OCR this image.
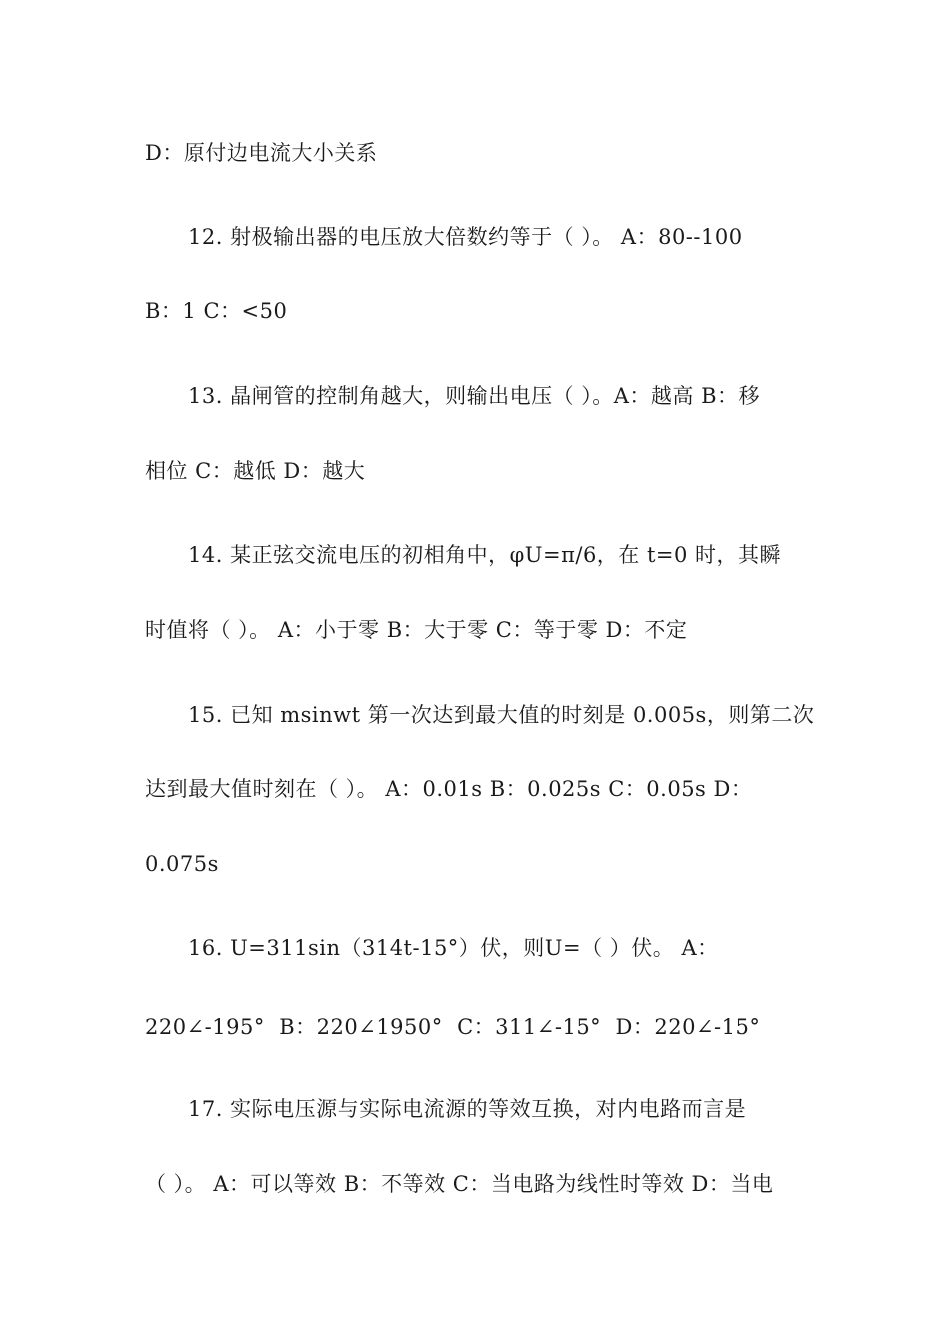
D：原付边电流大小关系
12. 射极输出器的电压放大倍数约等于（ ）。 A：80--100
B：1 C：<50
13. 晶闸管的控制角越大，则输出电压（ ）。A：越高 B：移
相位 C：越低 D：越大
14. 某正弦交流电压的初相角中，φU=π/6，在 t=0 时，其瞬
时值将（ ）。 A：小于零 B：大于零 C：等于零 D：不定
15. 已知 msinwt 第一次达到最大值的时刻是 0.005s，则第二次
达到最大值时刻在（ ）。 A：0.01s B：0.025s C：0.05s D：
0.075s
16. U=311sin（314t-15°）伏，则U=（ ）伏。 A：
220∠-195°  B：220∠1950°  C：311∠-15°  D：220∠-15°
17. 实际电压源与实际电流源的等效互换，对内电路而言是
（ ）。 A：可以等效 B：不等效 C：当电路为线性时等效 D：当电
